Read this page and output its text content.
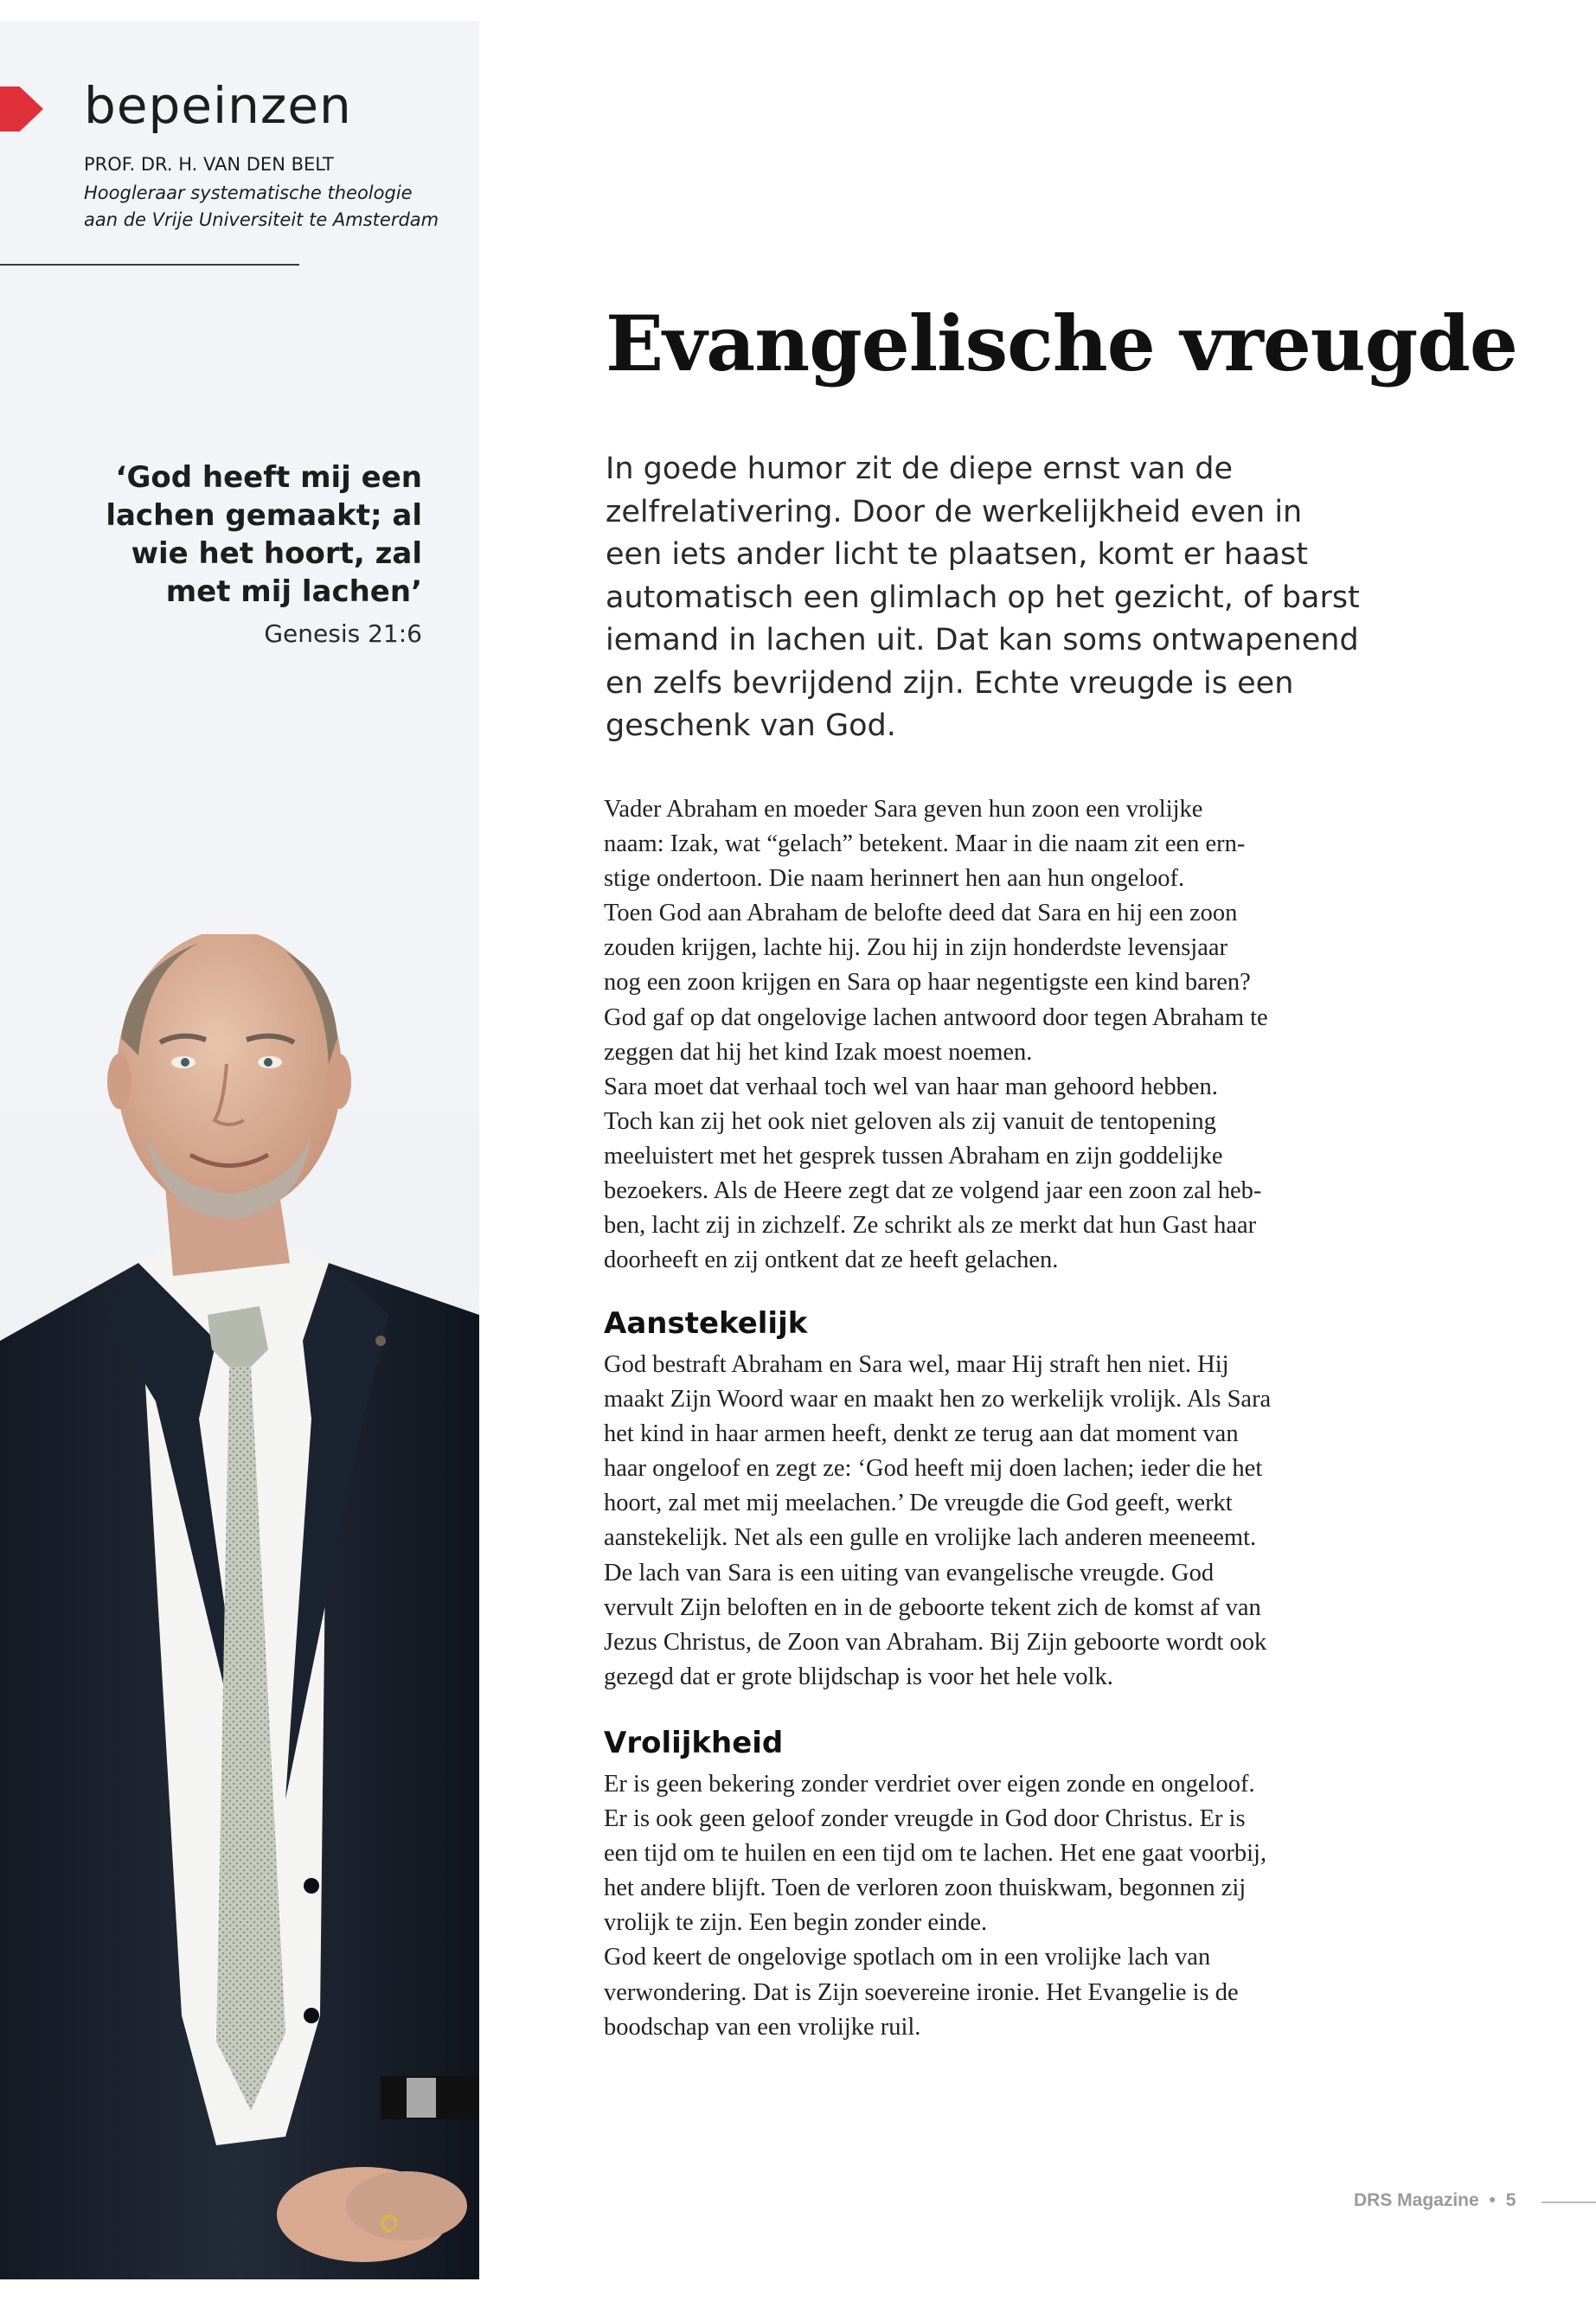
bepeinzen
PROF. DR. H. VAN DEN BELT
Hoogleraar systematische theologie
aan de Vrije Universiteit te Amsterdam
‘God heeft mij een
lachen gemaakt; al
wie het hoort, zal
met mij lachen’
Genesis 21:6
Evangelische vreugde
In goede humor zit de diepe ernst van de
zelfrelativering. Door de werkelijkheid even in
een iets ander licht te plaatsen, komt er haast
automatisch een glimlach op het gezicht, of barst
iemand in lachen uit. Dat kan soms ontwapenend
en zelfs bevrijdend zijn. Echte vreugde is een
geschenk van God.
Vader Abraham en moeder Sara geven hun zoon een vrolijke
naam: Izak, wat “gelach” betekent. Maar in die naam zit een ern-
stige ondertoon. Die naam herinnert hen aan hun ongeloof.
Toen God aan Abraham de belofte deed dat Sara en hij een zoon
zouden krijgen, lachte hij. Zou hij in zijn honderdste levensjaar
nog een zoon krijgen en Sara op haar negentigste een kind baren?
God gaf op dat ongelovige lachen antwoord door tegen Abraham te
zeggen dat hij het kind Izak moest noemen.
Sara moet dat verhaal toch wel van haar man gehoord hebben.
Toch kan zij het ook niet geloven als zij vanuit de tentopening
meeluistert met het gesprek tussen Abraham en zijn goddelijke
bezoekers. Als de Heere zegt dat ze volgend jaar een zoon zal heb-
ben, lacht zij in zichzelf. Ze schrikt als ze merkt dat hun Gast haar
doorheeft en zij ontkent dat ze heeft gelachen.
Aanstekelijk
God bestraft Abraham en Sara wel, maar Hij straft hen niet. Hij
maakt Zijn Woord waar en maakt hen zo werkelijk vrolijk. Als Sara
het kind in haar armen heeft, denkt ze terug aan dat moment van
haar ongeloof en zegt ze: ‘God heeft mij doen lachen; ieder die het
hoort, zal met mij meelachen.’ De vreugde die God geeft, werkt
aanstekelijk. Net als een gulle en vrolijke lach anderen meeneemt.
De lach van Sara is een uiting van evangelische vreugde. God
vervult Zijn beloften en in de geboorte tekent zich de komst af van
Jezus Christus, de Zoon van Abraham. Bij Zijn geboorte wordt ook
gezegd dat er grote blijdschap is voor het hele volk.
Vrolijkheid
Er is geen bekering zonder verdriet over eigen zonde en ongeloof.
Er is ook geen geloof zonder vreugde in God door Christus. Er is
een tijd om te huilen en een tijd om te lachen. Het ene gaat voorbij,
het andere blijft. Toen de verloren zoon thuiskwam, begonnen zij
vrolijk te zijn. Een begin zonder einde.
God keert de ongelovige spotlach om in een vrolijke lach van
verwondering. Dat is Zijn soevereine ironie. Het Evangelie is de
boodschap van een vrolijke ruil.
DRS Magazine • 5
